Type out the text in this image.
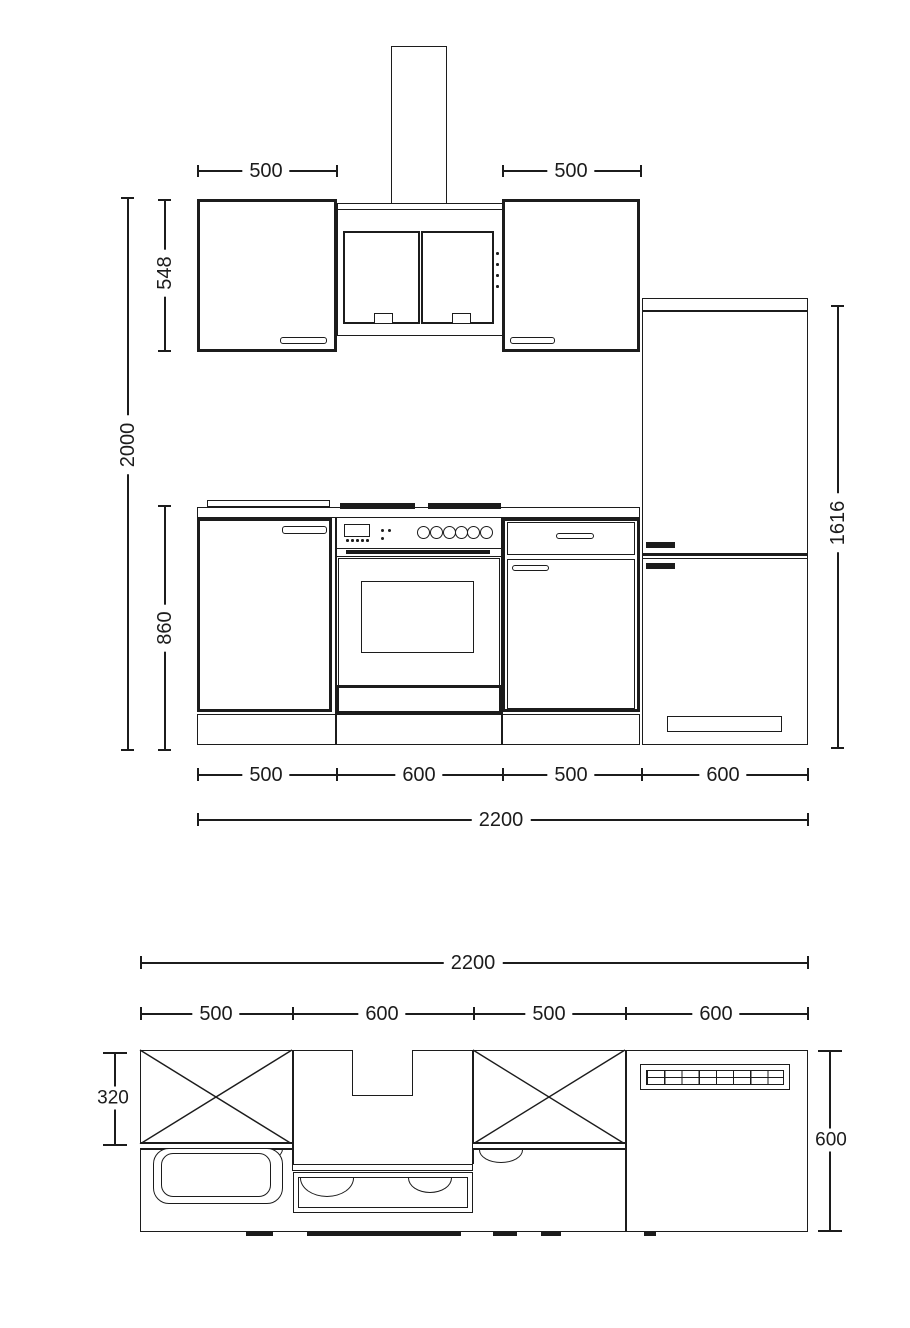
500	500
2000
548
860
1616
500	600	500	600
2200
2200
500	600	500	600
320
600
